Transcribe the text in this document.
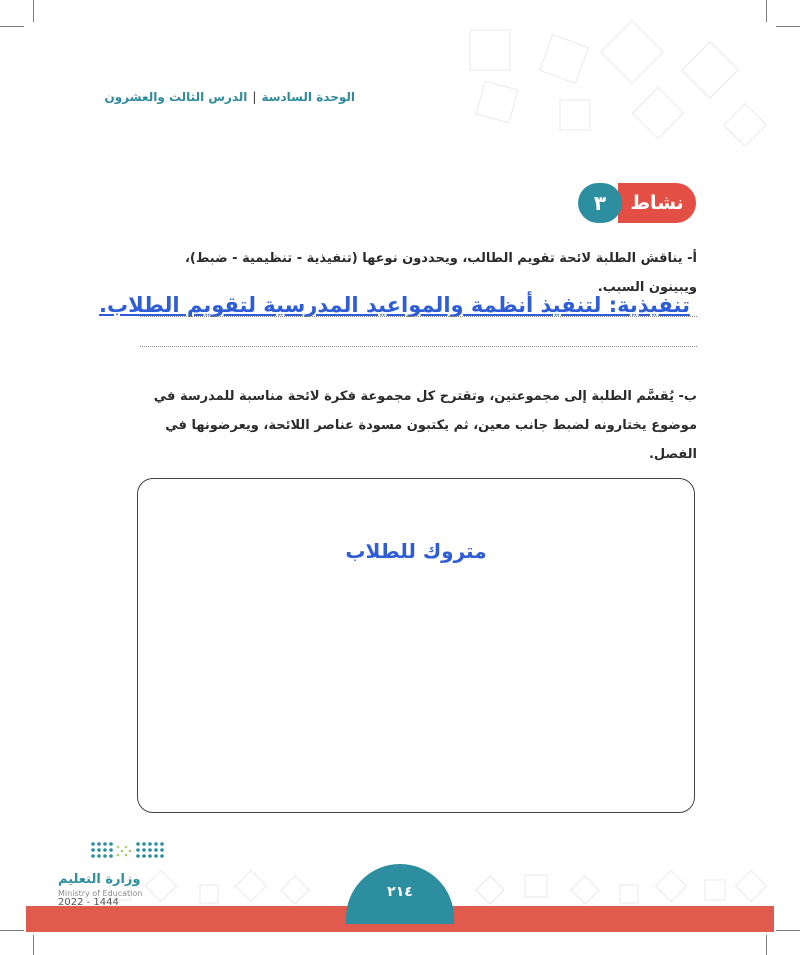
الوحدة السادسة|الدرس الثالث والعشرون
نشاط
٣
أ- يناقش الطلبة لائحة تقويم الطالب، ويحددون نوعها (تنفيذية - تنظيمية - ضبط)،
ويبينون السبب.
تنفيذية: لتنفيذ أنظمة والمواعيد المدرسية لتقويم الطلاب.
ب- يُقسَّم الطلبة إلى مجموعتين، وتقترح كل مجموعة فكرة لائحة مناسبة للمدرسة في
موضوع يختارونه لضبط جانب معين، ثم يكتبون مسودة عناصر اللائحة، ويعرضونها في
الفصل.
متروك للطلاب
٢١٤
وزارة التعليم
Ministry of Education
2022 - 1444
